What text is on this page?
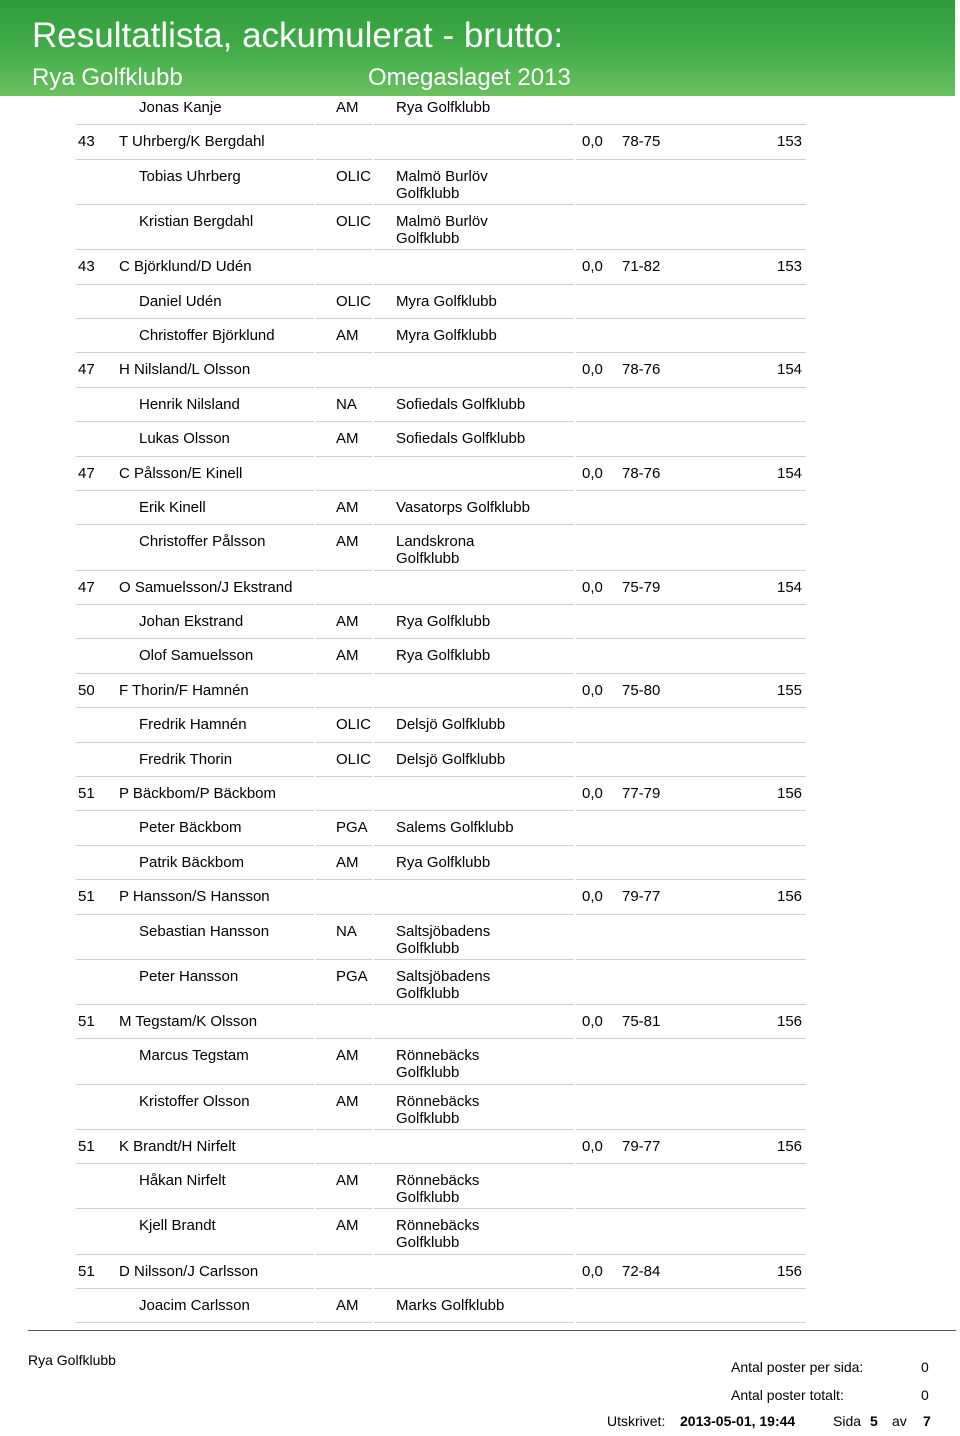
Resultatlista, ackumulerat - brutto:
Rya Golfklubb	Omegaslaget 2013
Jonas Kanje	AM	Rya Golfklubb
43 T Uhrberg/K Bergdahl	0,0 78-75	153
Tobias Uhrberg	OLIC Malmö Burlöv
Golfklubb
Kristian Bergdahl	OLIC Malmö Burlöv
Golfklubb
43 C Björklund/D Udén	0,0 71-82	153
Daniel Udén	OLIC Myra Golfklubb
Christoffer Björklund	AM	Myra Golfklubb
47 H Nilsland/L Olsson	0,0 78-76	154
Henrik Nilsland	NA	Sofiedals Golfklubb
Lukas Olsson	AM	Sofiedals Golfklubb
47 C Pålsson/E Kinell	0,0 78-76	154
Erik Kinell	AM	Vasatorps Golfklubb
Christoffer Pålsson	AM	Landskrona
Golfklubb
47 O Samuelsson/J Ekstrand	0,0 75-79	154
Johan Ekstrand	AM	Rya Golfklubb
Olof Samuelsson	AM	Rya Golfklubb
50 F Thorin/F Hamnén	0,0 75-80	155
Fredrik Hamnén	OLIC Delsjö Golfklubb
Fredrik Thorin	OLIC Delsjö Golfklubb
51 P Bäckbom/P Bäckbom	0,0 77-79	156
Peter Bäckbom	PGA Salems Golfklubb
Patrik Bäckbom	AM	Rya Golfklubb
51 P Hansson/S Hansson	0,0 79-77	156
Sebastian Hansson	NA	Saltsjöbadens
Golfklubb
Peter Hansson	PGA Saltsjöbadens
Golfklubb
51 M Tegstam/K Olsson	0,0 75-81	156
Marcus Tegstam	AM	Rönnebäcks
Golfklubb
Kristoffer Olsson	AM	Rönnebäcks
Golfklubb
51 K Brandt/H Nirfelt	0,0 79-77	156
Håkan Nirfelt	AM	Rönnebäcks
Golfklubb
Kjell Brandt	AM	Rönnebäcks
Golfklubb
51 D Nilsson/J Carlsson	0,0 72-84	156
Joacim Carlsson	AM	Marks Golfklubb
Rya Golfklubb	Antal poster per sida:	0
Antal poster totalt:	0
Utskrivet: 2013-05-01, 19:44	Sida 5 av 7
